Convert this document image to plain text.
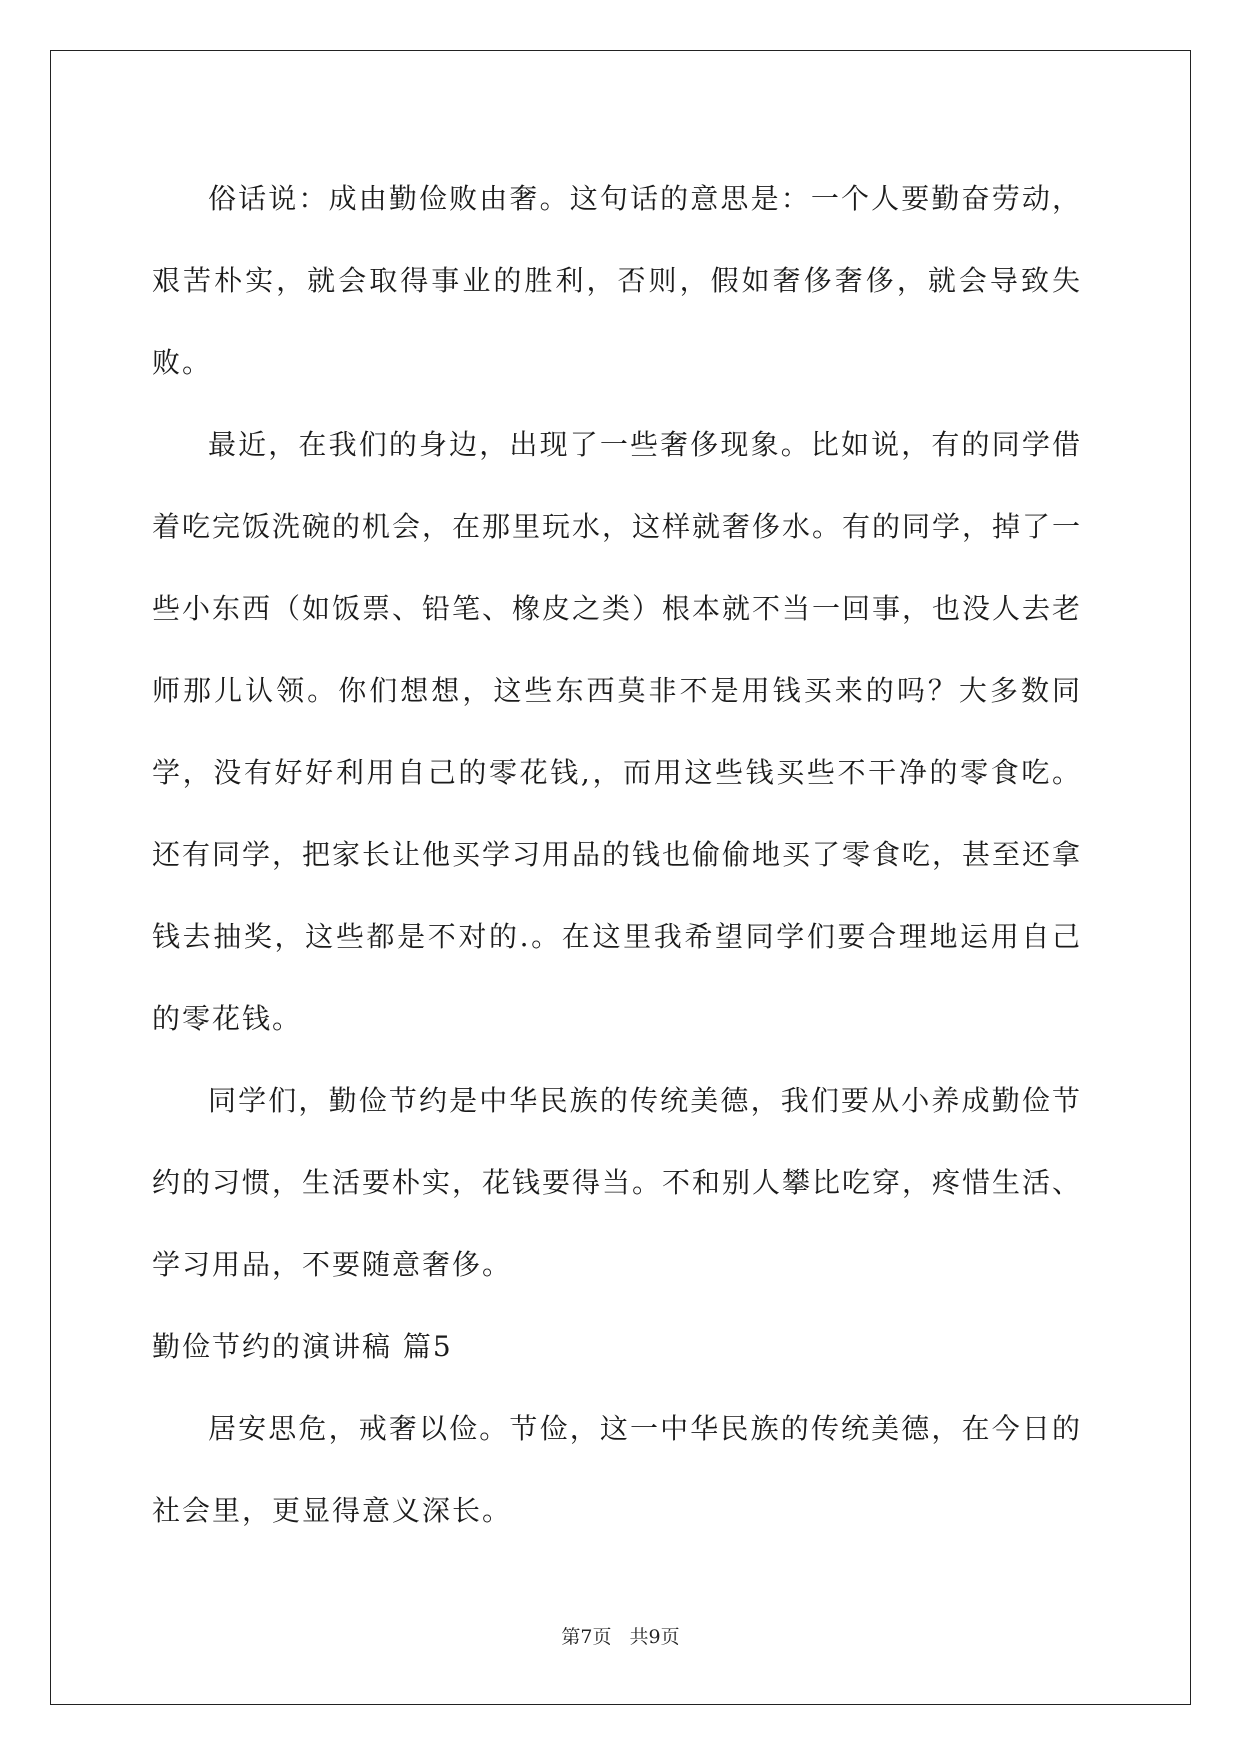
俗话说：成由勤俭败由奢。这句话的意思是：一个人要勤奋劳动，艰苦朴实，就会取得事业的胜利，否则，假如奢侈奢侈，就会导致失败。

最近，在我们的身边，出现了一些奢侈现象。比如说，有的同学借着吃完饭洗碗的机会，在那里玩水，这样就奢侈水。有的同学，掉了一些小东西（如饭票、铅笔、橡皮之类）根本就不当一回事，也没人去老师那儿认领。你们想想，这些东西莫非不是用钱买来的吗？大多数同学，没有好好利用自己的零花钱,，而用这些钱买些不干净的零食吃。还有同学，把家长让他买学习用品的钱也偷偷地买了零食吃，甚至还拿钱去抽奖，这些都是不对的.。在这里我希望同学们要合理地运用自己的零花钱。

同学们，勤俭节约是中华民族的传统美德，我们要从小养成勤俭节约的习惯，生活要朴实，花钱要得当。不和别人攀比吃穿，疼惜生活、学习用品，不要随意奢侈。

勤俭节约的演讲稿 篇5

居安思危，戒奢以俭。节俭，这一中华民族的传统美德，在今日的社会里，更显得意义深长。

第7页 共9页
